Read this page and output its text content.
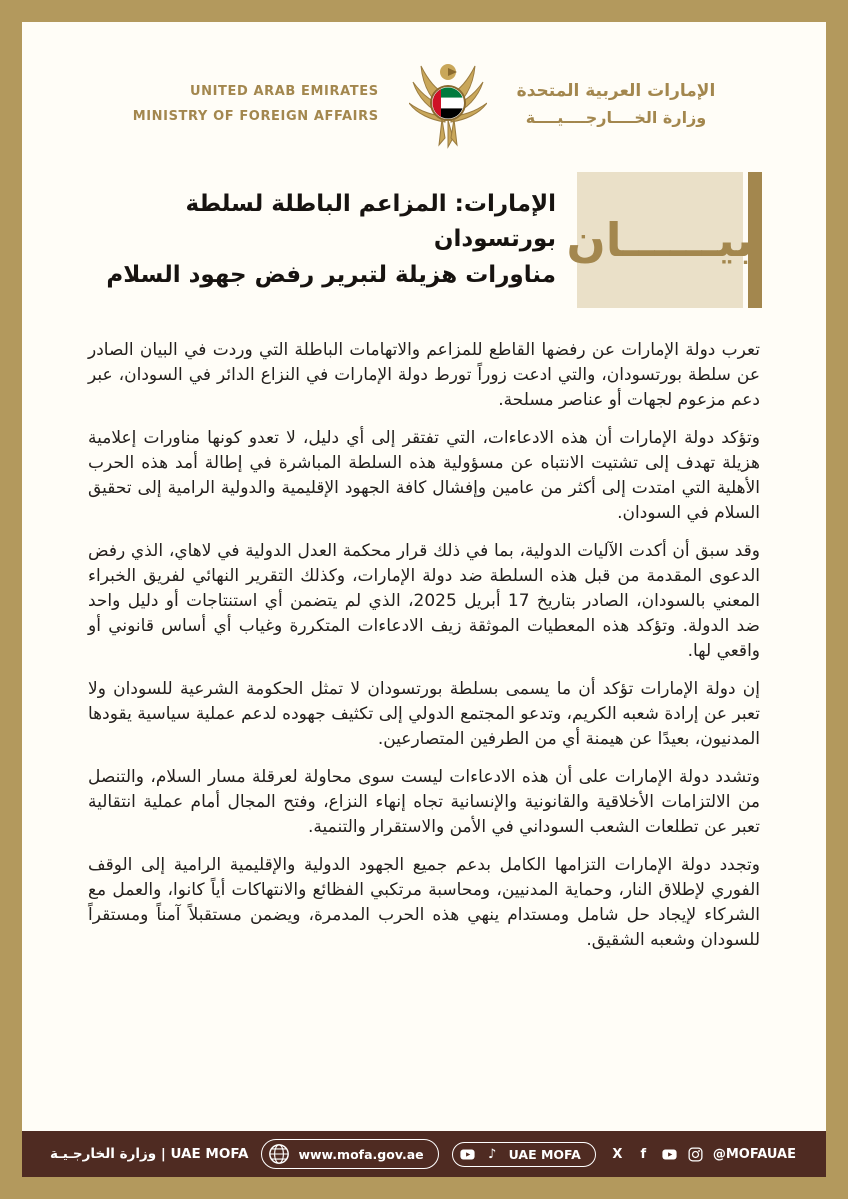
UNITED ARAB EMIRATES
MINISTRY OF FOREIGN AFFAIRS
الإمارات العربية المتحدة
وزارة الخــــارجــــيــــة
بيــــــان
الإمارات: المزاعم الباطلة لسلطة بورتسودان
مناورات هزيلة لتبرير رفض جهود السلام

تعرب دولة الإمارات عن رفضها القاطع للمزاعم والاتهامات الباطلة التي وردت في البيان الصادر عن سلطة بورتسودان، والتي ادعت زوراً تورط دولة الإمارات في النزاع الدائر في السودان، عبر دعم مزعوم لجهات أو عناصر مسلحة.

وتؤكد دولة الإمارات أن هذه الادعاءات، التي تفتقر إلى أي دليل، لا تعدو كونها مناورات إعلامية هزيلة تهدف إلى تشتيت الانتباه عن مسؤولية هذه السلطة المباشرة في إطالة أمد هذه الحرب الأهلية التي امتدت إلى أكثر من عامين وإفشال كافة الجهود الإقليمية والدولية الرامية إلى تحقيق السلام في السودان.

وقد سبق أن أكدت الآليات الدولية، بما في ذلك قرار محكمة العدل الدولية في لاهاي، الذي رفض الدعوى المقدمة من قبل هذه السلطة ضد دولة الإمارات، وكذلك التقرير النهائي لفريق الخبراء المعني بالسودان، الصادر بتاريخ 17 أبريل 2025، الذي لم يتضمن أي استنتاجات أو دليل واحد ضد الدولة. وتؤكد هذه المعطيات الموثقة زيف الادعاءات المتكررة وغياب أي أساس قانوني أو واقعي لها.

إن دولة الإمارات تؤكد أن ما يسمى بسلطة بورتسودان لا تمثل الحكومة الشرعية للسودان ولا تعبر عن إرادة شعبه الكريم، وتدعو المجتمع الدولي إلى تكثيف جهوده لدعم عملية سياسية يقودها المدنيون، بعيدًا عن هيمنة أي من الطرفين المتصارعين.

وتشدد دولة الإمارات على أن هذه الادعاءات ليست سوى محاولة لعرقلة مسار السلام، والتنصل من الالتزامات الأخلاقية والقانونية والإنسانية تجاه إنهاء النزاع، وفتح المجال أمام عملية انتقالية تعبر عن تطلعات الشعب السوداني في الأمن والاستقرار والتنمية.

وتجدد دولة الإمارات التزامها الكامل بدعم جميع الجهود الدولية والإقليمية الرامية إلى الوقف الفوري لإطلاق النار، وحماية المدنيين، ومحاسبة مرتكبي الفظائع والانتهاكات أياً كانوا، والعمل مع الشركاء لإيجاد حل شامل ومستدام ينهي هذه الحرب المدمرة، ويضمن مستقبلاً آمناً ومستقراً للسودان وشعبه الشقيق.

وزارة الخارجـيـة | UAE MOFA	www.mofa.gov.ae	♪ UAE MOFA X	f	@MOFAUAE
